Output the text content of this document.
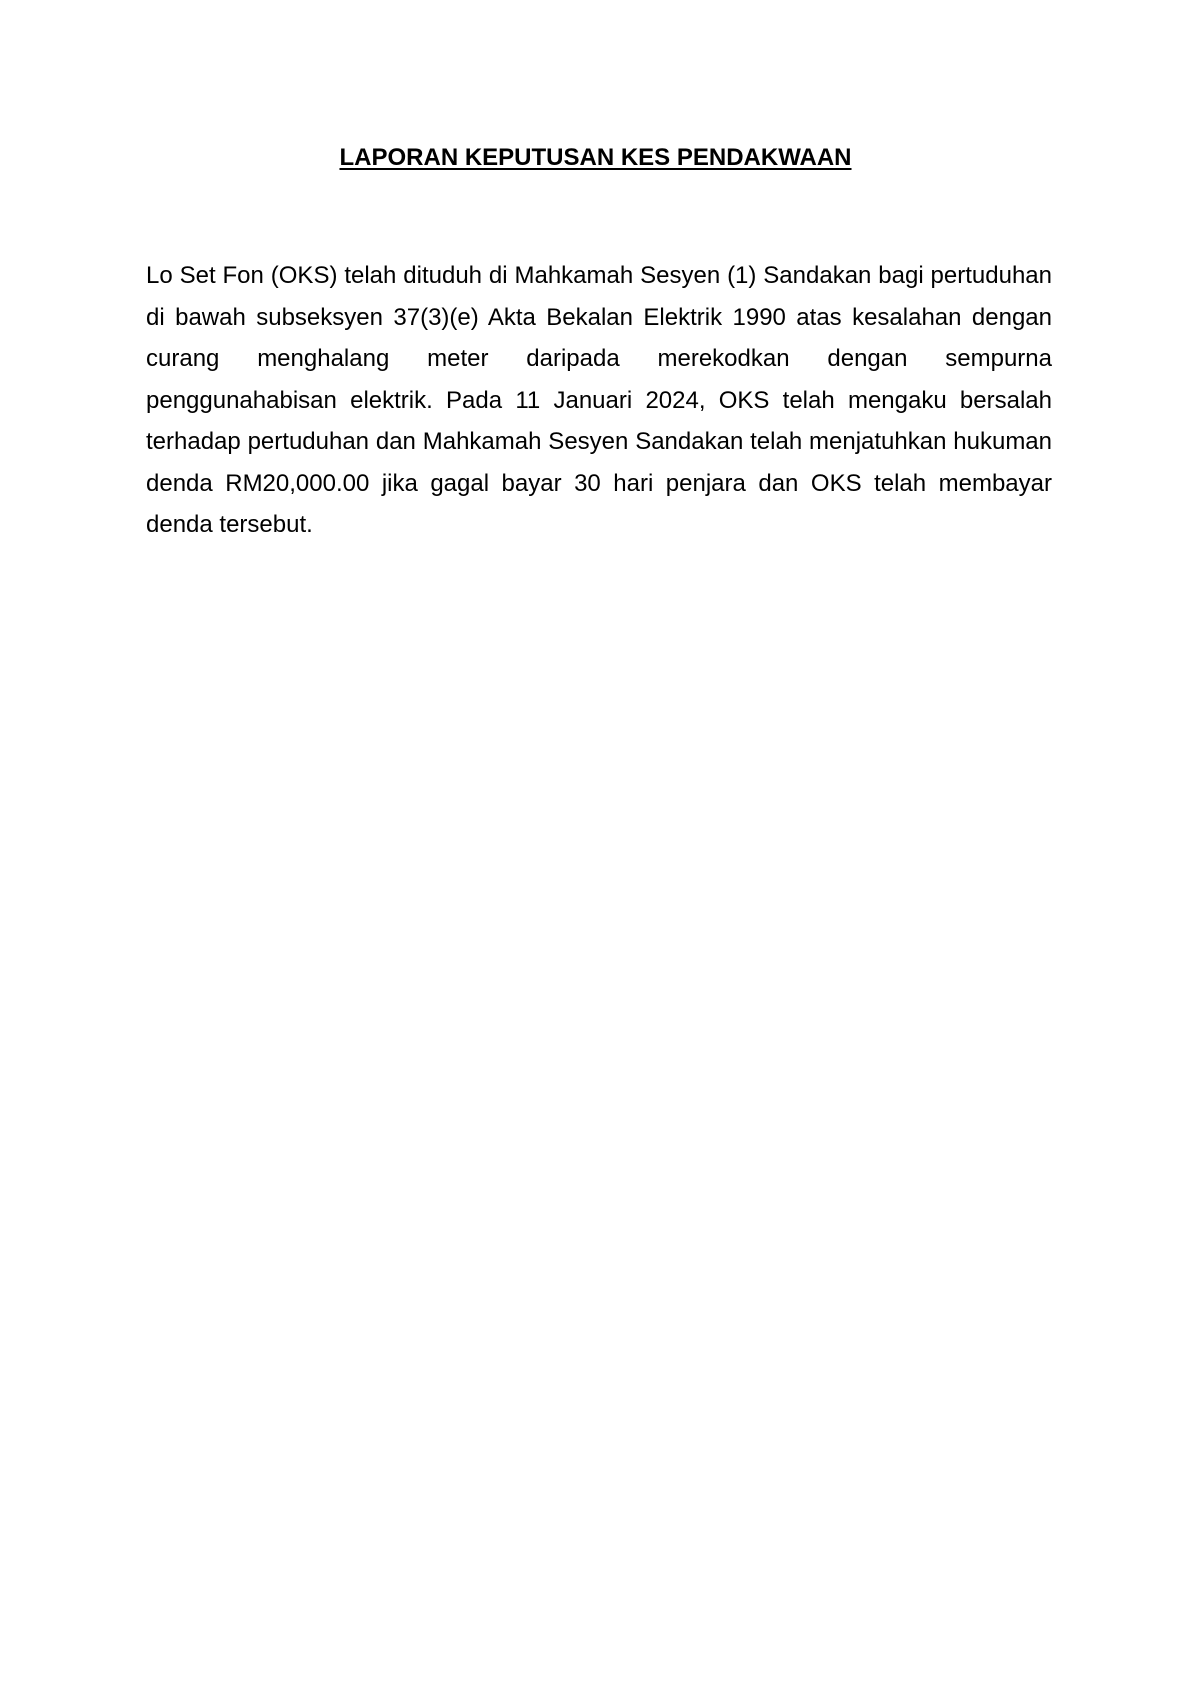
LAPORAN KEPUTUSAN KES PENDAKWAAN

Lo Set Fon (OKS) telah dituduh di Mahkamah Sesyen (1) Sandakan bagi pertuduhan di bawah subseksyen 37(3)(e) Akta Bekalan Elektrik 1990 atas kesalahan dengan curang menghalang meter daripada merekodkan dengan sempurna penggunahabisan elektrik. Pada 11 Januari 2024, OKS telah mengaku bersalah terhadap pertuduhan dan Mahkamah Sesyen Sandakan telah menjatuhkan hukuman denda RM20,000.00 jika gagal bayar 30 hari penjara dan OKS telah membayar denda tersebut.
